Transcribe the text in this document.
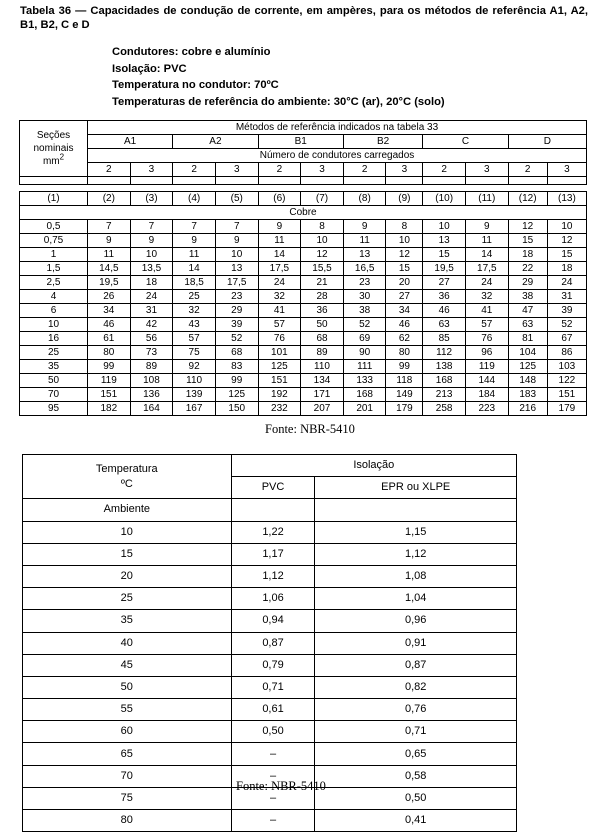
Tabela 36 — Capacidades de condução de corrente, em ampères, para os métodos de referência A1, A2, B1, B2, C e D
Condutores: cobre e alumínio
Isolação: PVC
Temperatura no condutor: 70ºC
Temperaturas de referência do ambiente: 30°C (ar), 20°C (solo)
Seções
nominais
$mm^2$	Métodos de referência indicados na tabela 33											
	A1		A2		B1		B2		C		D	
	Número de condutores carregados											
	2	3	2	3	2	3	2	3	2	3	2	3

(1)	(2)	(3)	(4)	(5)	(6)	(7)	(8)	(9)	(10)	(11)	(12)	(13)
Cobre												
0,5	7	7	7	7	9	8	9	8	10	9	12	10
0,75	9	9	9	9	11	10	11	10	13	11	15	12
1	11	10	11	10	14	12	13	12	15	14	18	15
1,5	14,5	13,5	14	13	17,5	15,5	16,5	15	19,5	17,5	22	18
2,5	19,5	18	18,5	17,5	24	21	23	20	27	24	29	24
4	26	24	25	23	32	28	30	27	36	32	38	31
6	34	31	32	29	41	36	38	34	46	41	47	39
10	46	42	43	39	57	50	52	46	63	57	63	52
16	61	56	57	52	76	68	69	62	85	76	81	67
25	80	73	75	68	101	89	90	80	112	96	104	86
35	99	89	92	83	125	110	111	99	138	119	125	103
50	119	108	110	99	151	134	133	118	168	144	148	122
70	151	136	139	125	192	171	168	149	213	184	183	151
95	182	164	167	150	232	207	201	179	258	223	216	179
Fonte: NBR-5410
Temperatura
ºC	Isolação	
	PVC	EPR ou XLPE
Ambiente		
10	1,22	1,15
15	1,17	1,12
20	1,12	1,08
25	1,06	1,04
35	0,94	0,96
40	0,87	0,91
45	0,79	0,87
50	0,71	0,82
55	0,61	0,76
60	0,50	0,71
65	–	0,65
70	–	0,58
75	–	0,50
80	–	0,41
Fonte: NBR-5410
